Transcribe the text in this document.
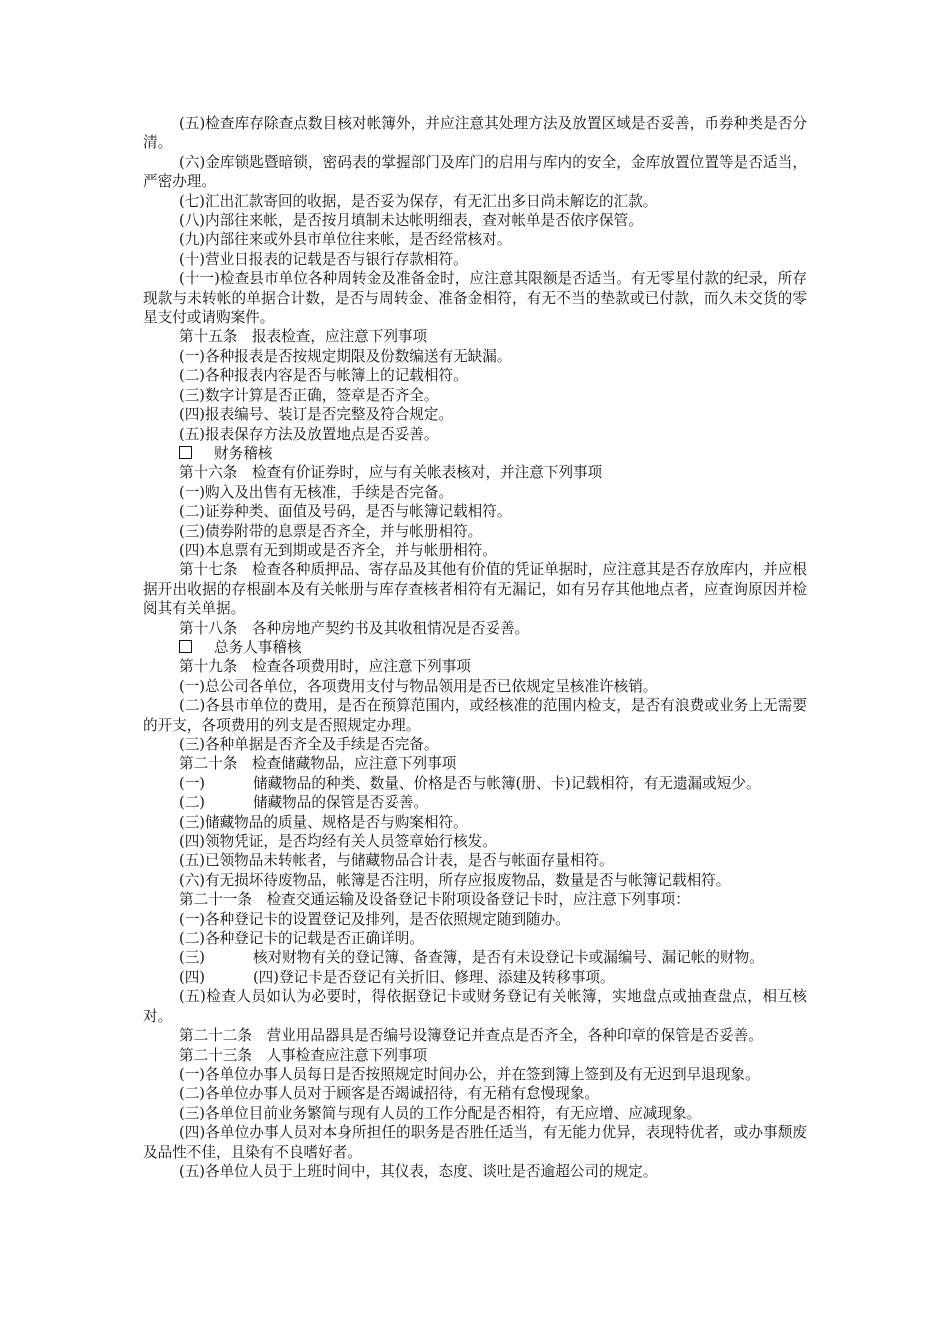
(五)检查库存除查点数目核对帐簿外，并应注意其处理方法及放置区域是否妥善，币券种类是否分清。

(六)金库锁匙暨暗锁，密码表的掌握部门及库门的启用与库内的安全，金库放置位置等是否适当，严密办理。

(七)汇出汇款寄回的收据，是否妥为保存，有无汇出多日尚未解讫的汇款。

(八)内部往来帐，是否按月填制未达帐明细表，查对帐单是否依序保管。

(九)内部往来或外县市单位往来帐，是否经常核对。

(十)营业日报表的记载是否与银行存款相符。

(十一)检查县市单位各种周转金及准备金时，应注意其限额是否适当。有无零星付款的纪录，所存现款与未转帐的单据合计数，是否与周转金、准备金相符，有无不当的垫款或已付款，而久未交货的零星支付或请购案件。

第十五条　报表检查，应注意下列事项

(一)各种报表是否按规定期限及份数编送有无缺漏。

(二)各种报表内容是否与帐簿上的记载相符。

(三)数字计算是否正确，签章是否齐全。

(四)报表编号、装订是否完整及符合规定。

(五)报表保存方法及放置地点是否妥善。

财务稽核

第十六条　检查有价证券时，应与有关帐表核对，并注意下列事项

(一)购入及出售有无核准，手续是否完备。

(二)证券种类、面值及号码，是否与帐簿记载相符。

(三)债券附带的息票是否齐全，并与帐册相符。

(四)本息票有无到期或是否齐全，并与帐册相符。

第十七条　检查各种质押品、寄存品及其他有价值的凭证单据时，应注意其是否存放库内，并应根据开出收据的存根副本及有关帐册与库存查核者相符有无漏记，如有另存其他地点者，应查询原因并检阅其有关单据。

第十八条　各种房地产契约书及其收租情况是否妥善。

总务人事稽核

第十九条　检查各项费用时，应注意下列事项

(一)总公司各单位，各项费用支付与物品领用是否已依规定呈核准许核销。

(二)各县市单位的费用，是否在预算范围内，或经核准的范围内检支，是否有浪费或业务上无需要的开支，各项费用的列支是否照规定办理。

(三)各种单据是否齐全及手续是否完备。

第二十条　检查储藏物品，应注意下列事项

(一)	储藏物品的种类、数量、价格是否与帐簿(册、卡)记载相符，有无遗漏或短少。

(二)	储藏物品的保管是否妥善。

(三)储藏物品的质量、规格是否与购案相符。

(四)领物凭证，是否均经有关人员签章始行核发。

(五)已领物品未转帐者，与储藏物品合计表，是否与帐面存量相符。

(六)有无损坏待废物品，帐簿是否注明，所存应报废物品，数量是否与帐簿记载相符。

第二十一条　检查交通运输及设备登记卡附项设备登记卡时，应注意下列事项：

(一)各种登记卡的设置登记及排列，是否依照规定随到随办。

(二)各种登记卡的记载是否正确详明。

(三)	核对财物有关的登记簿、备查簿，是否有未设登记卡或漏编号、漏记帐的财物。

(四)	(四)登记卡是否登记有关折旧、修理、添建及转移事项。

(五)检查人员如认为必要时，得依据登记卡或财务登记有关帐簿，实地盘点或抽查盘点，相互核对。

第二十二条　营业用品器具是否编号设簿登记并查点是否齐全，各种印章的保管是否妥善。

第二十三条　人事检查应注意下列事项

(一)各单位办事人员每日是否按照规定时间办公，并在签到簿上签到及有无迟到早退现象。

(二)各单位办事人员对于顾客是否竭诚招待，有无稍有怠慢现象。

(三)各单位目前业务繁简与现有人员的工作分配是否相符，有无应增、应减现象。

(四)各单位办事人员对本身所担任的职务是否胜任适当，有无能力优异，表现特优者，或办事颓废及品性不佳，且染有不良嗜好者。

(五)各单位人员于上班时间中，其仪表，态度、谈吐是否逾超公司的规定。
